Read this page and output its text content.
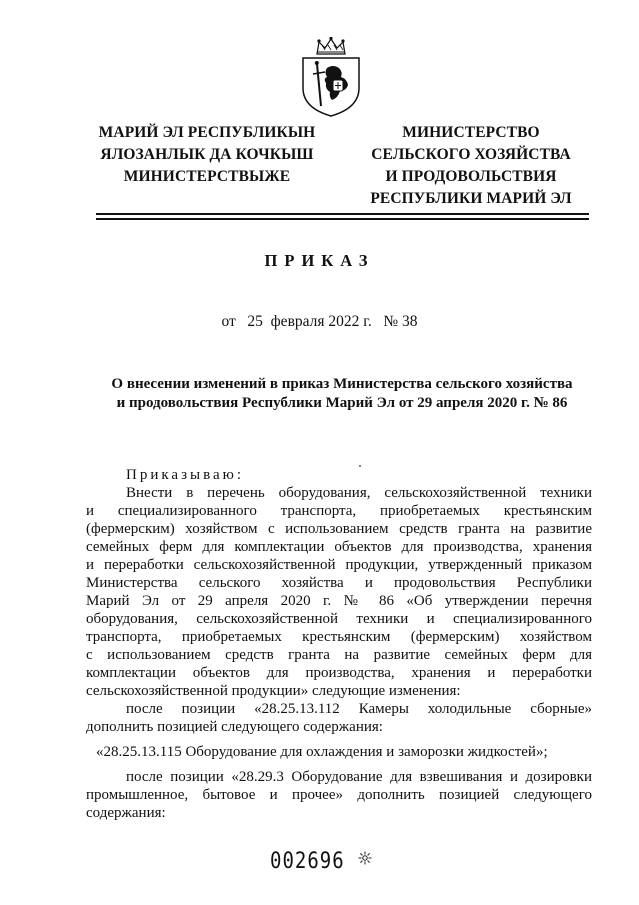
МАРИЙ ЭЛ РЕСПУБЛИКЫН
ЯЛОЗАНЛЫК ДА КОЧКЫШ
МИНИСТЕРСТВЫЖЕ
МИНИСТЕРСТВО
СЕЛЬСКОГО ХОЗЯЙСТВА
И ПРОДОВОЛЬСТВИЯ
РЕСПУБЛИКИ МАРИЙ ЭЛ
ПРИКАЗ
от 25  февраля 2022 г. № 38
О внесении изменений в приказ Министерства сельского хозяйства
и продовольствия Республики Марий Эл от 29 апреля 2020 г. № 86
Приказываю:
Внести в перечень оборудования, сельскохозяйственной техники
и специализированного транспорта, приобретаемых крестьянским
(фермерским) хозяйством с использованием средств гранта на развитие
семейных ферм для комплектации объектов для производства, хранения
и переработки сельскохозяйственной продукции, утвержденный приказом
Министерства сельского хозяйства и продовольствия Республики
Марий Эл от 29 апреля 2020 г. № 86 «Об утверждении перечня
оборудования, сельскохозяйственной техники и специализированного
транспорта, приобретаемых крестьянским (фермерским) хозяйством
с использованием средств гранта на развитие семейных ферм для
комплектации объектов для производства, хранения и переработки
сельскохозяйственной продукции» следующие изменения:
после позиции «28.25.13.112 Камеры холодильные сборные»
дополнить позицией следующего содержания:
«28.25.13.115 Оборудование для охлаждения и заморозки жидкостей»;
после позиции «28.29.3 Оборудование для взвешивания и дозировки
промышленное, бытовое и прочее» дополнить позицией следующего
содержания:
002696
